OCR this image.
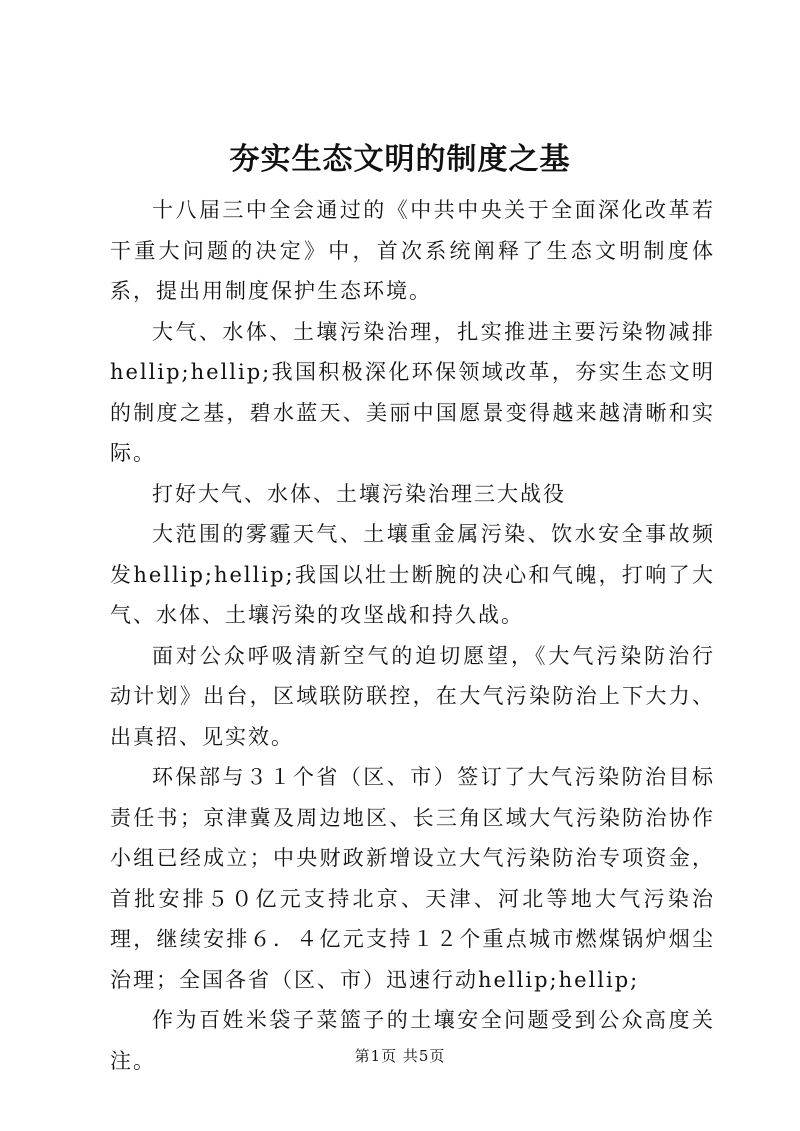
夯实生态文明的制度之基

十八届三中全会通过的《中共中央关于全面深化改革若干重大问题的决定》中，首次系统阐释了生态文明制度体系，提出用制度保护生态环境。

大气、水体、土壤污染治理，扎实推进主要污染物减排hellip;hellip;我国积极深化环保领域改革，夯实生态文明的制度之基，碧水蓝天、美丽中国愿景变得越来越清晰和实际。

打好大气、水体、土壤污染治理三大战役

大范围的雾霾天气、土壤重金属污染、饮水安全事故频发hellip;hellip;我国以壮士断腕的决心和气魄，打响了大气、水体、土壤污染的攻坚战和持久战。

面对公众呼吸清新空气的迫切愿望，《大气污染防治行动计划》出台，区域联防联控，在大气污染防治上下大力、出真招、见实效。

环保部与３１个省（区、市）签订了大气污染防治目标责任书；京津冀及周边地区、长三角区域大气污染防治协作小组已经成立；中央财政新增设立大气污染防治专项资金，首批安排５０亿元支持北京、天津、河北等地大气污染治理，继续安排６．４亿元支持１２个重点城市燃煤锅炉烟尘治理；全国各省（区、市）迅速行动hellip;hellip;

作为百姓米袋子菜篮子的土壤安全问题受到公众高度关注。	第1页 共5页
